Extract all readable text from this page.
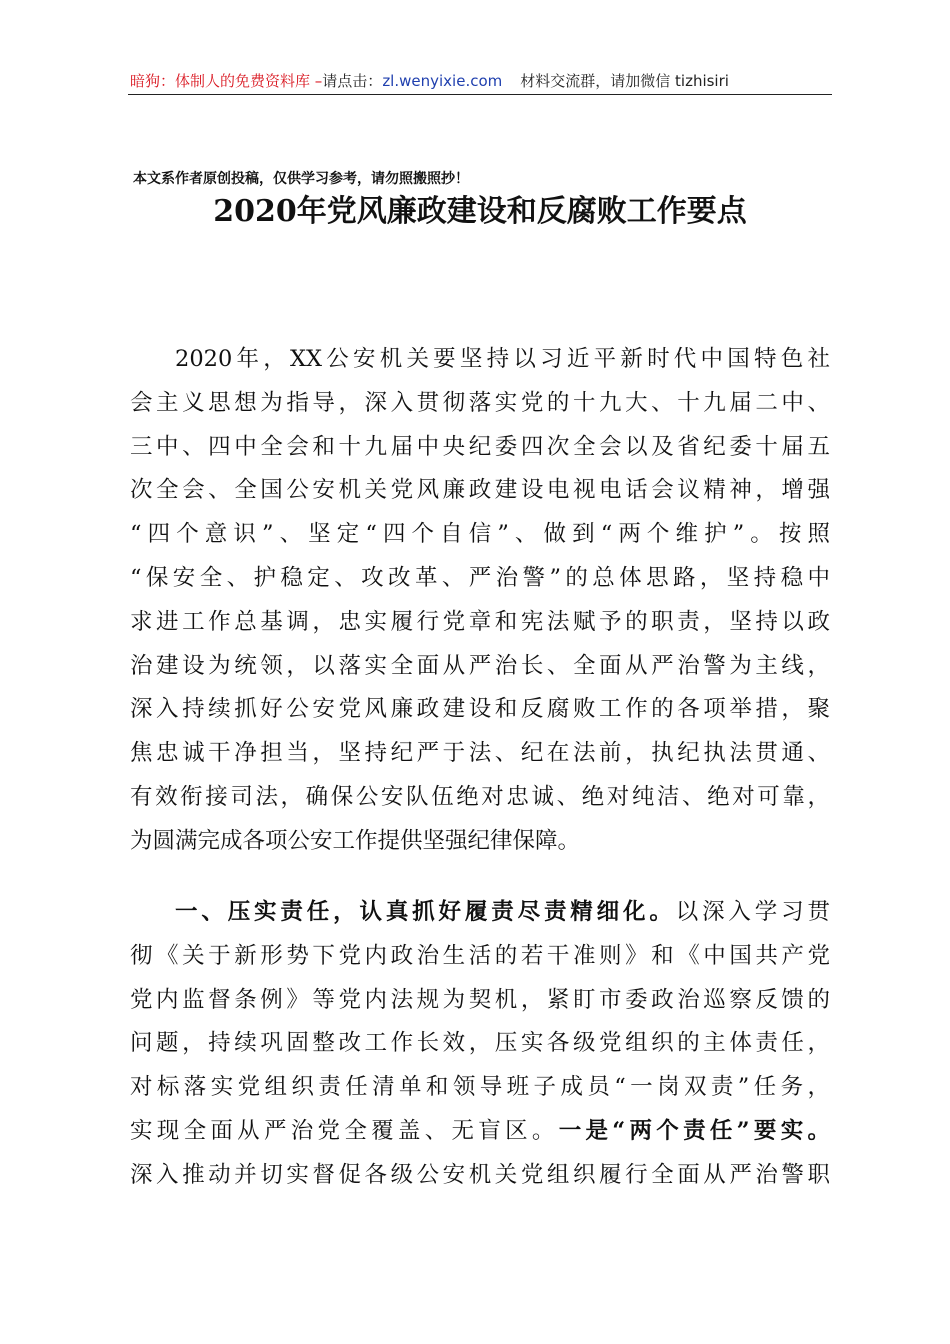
暗狗：体制人的免费资料库 –请点击：zl.wenyixie.com 材料交流群，请加微信 tizhisiri
本文系作者原创投稿，仅供学习参考，请勿照搬照抄！
2020年党风廉政建设和反腐败工作要点
2020年，XX公安机关要坚持以习近平新时代中国特色社
会主义思想为指导，深入贯彻落实党的十九大、十九届二中、
三中、四中全会和十九届中央纪委四次全会以及省纪委十届五
次全会、全国公安机关党风廉政建设电视电话会议精神，增强
“四个意识”、坚定“四个自信”、做到“两个维护”。按照
“保安全、护稳定、攻改革、严治警”的总体思路，坚持稳中
求进工作总基调，忠实履行党章和宪法赋予的职责，坚持以政
治建设为统领，以落实全面从严治长、全面从严治警为主线，
深入持续抓好公安党风廉政建设和反腐败工作的各项举措，聚
焦忠诚干净担当，坚持纪严于法、纪在法前，执纪执法贯通、
有效衔接司法，确保公安队伍绝对忠诚、绝对纯洁、绝对可靠，
为圆满完成各项公安工作提供坚强纪律保障。
一、压实责任，认真抓好履责尽责精细化。以深入学习贯
彻《关于新形势下党内政治生活的若干准则》和《中国共产党
党内监督条例》等党内法规为契机，紧盯市委政治巡察反馈的
问题，持续巩固整改工作长效，压实各级党组织的主体责任，
对标落实党组织责任清单和领导班子成员“一岗双责”任务，
实现全面从严治党全覆盖、无盲区。一是“两个责任”要实。
深入推动并切实督促各级公安机关党组织履行全面从严治警职
